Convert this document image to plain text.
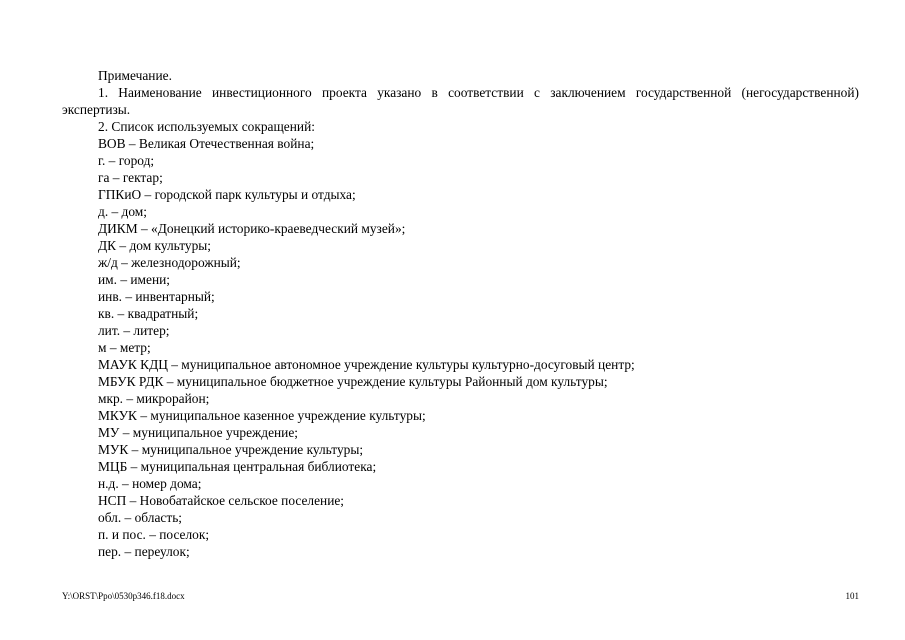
Примечание.
1. Наименование инвестиционного проекта указано в соответствии с заключением государственной (негосударственной) экспертизы.
2. Список используемых сокращений:
ВОВ – Великая Отечественная война;
г. – город;
га – гектар;
ГПКиО – городской парк культуры и отдыха;
д. – дом;
ДИКМ – «Донецкий историко-краеведческий музей»;
ДК – дом культуры;
ж/д – железнодорожный;
им. – имени;
инв. – инвентарный;
кв. – квадратный;
лит. – литер;
м – метр;
МАУК КДЦ – муниципальное автономное учреждение культуры культурно-досуговый центр;
МБУК РДК – муниципальное бюджетное учреждение культуры Районный дом культуры;
мкр. – микрорайон;
МКУК – муниципальное казенное учреждение культуры;
МУ – муниципальное учреждение;
МУК – муниципальное учреждение культуры;
МЦБ – муниципальная центральная библиотека;
н.д. – номер дома;
НСП – Новобатайское сельское поселение;
обл. – область;
п. и пос. – поселок;
пер. – переулок;
Y:\ORST\Ppo\0530p346.f18.docx	101
